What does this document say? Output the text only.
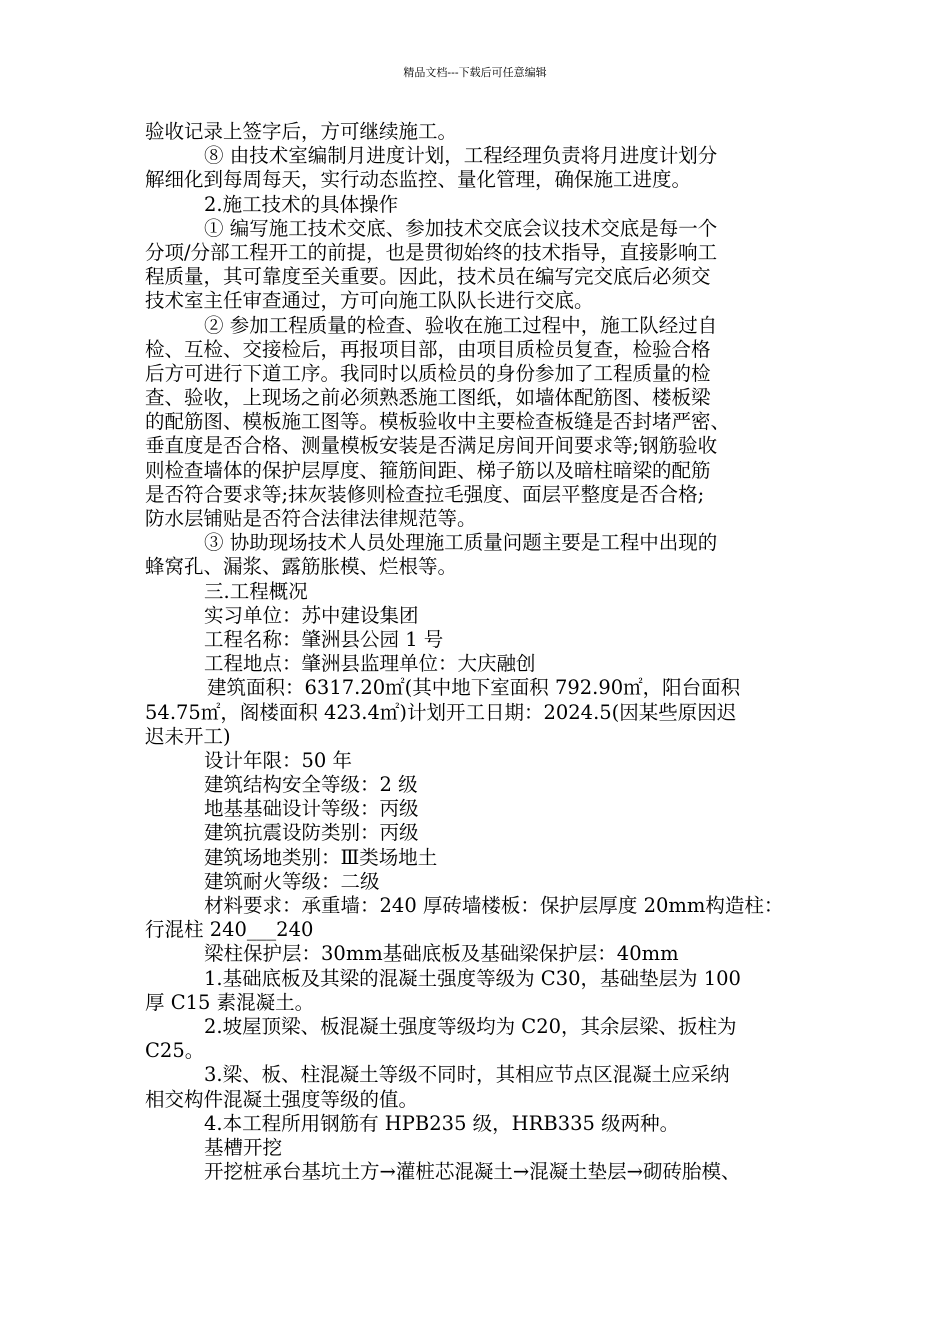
精品文档---下载后可任意编辑
验收记录上签字后，方可继续施工。
⑧ 由技术室编制月进度计划，工程经理负责将月进度计划分
解细化到每周每天，实行动态监控、量化管理，确保施工进度。
2.施工技术的具体操作
① 编写施工技术交底、参加技术交底会议技术交底是每一个
分项/分部工程开工的前提，也是贯彻始终的技术指导，直接影响工
程质量，其可靠度至关重要。因此，技术员在编写完交底后必须交
技术室主任审查通过，方可向施工队队长进行交底。
② 参加工程质量的检查、验收在施工过程中，施工队经过自
检、互检、交接检后，再报项目部，由项目质检员复查，检验合格
后方可进行下道工序。我同时以质检员的身份参加了工程质量的检
查、验收，上现场之前必须熟悉施工图纸，如墙体配筋图、楼板梁
的配筋图、模板施工图等。模板验收中主要检查板缝是否封堵严密、
垂直度是否合格、测量模板安装是否满足房间开间要求等;钢筋验收
则检查墙体的保护层厚度、箍筋间距、梯子筋以及暗柱暗梁的配筋
是否符合要求等;抹灰装修则检查拉毛强度、面层平整度是否合格;
防水层铺贴是否符合法律法律规范等。
③ 协助现场技术人员处理施工质量问题主要是工程中出现的
蜂窝孔、漏浆、露筋胀模、烂根等。
三.工程概况
实习单位：苏中建设集团
工程名称：肇洲县公园 1 号
工程地点：肇洲县监理单位：大庆融创
建筑面积：6317.20㎡(其中地下室面积 792.90㎡，阳台面积
54.75㎡，阁楼面积 423.4㎡)计划开工日期：2024.5(因某些原因迟
迟未开工)
设计年限：50 年
建筑结构安全等级：2 级
地基基础设计等级：丙级
建筑抗震设防类别：丙级
建筑场地类别：Ⅲ类场地土
建筑耐火等级：二级
材料要求：承重墙：240 厚砖墙楼板：保护层厚度 20mm构造柱：
行混柱 240___240
梁柱保护层：30mm基础底板及基础梁保护层：40mm
1.基础底板及其梁的混凝土强度等级为 C30，基础垫层为 100
厚 C15 素混凝土。
2.坡屋顶梁、板混凝土强度等级均为 C20，其余层梁、扳柱为
C25。
3.梁、板、柱混凝土等级不同时，其相应节点区混凝土应采纳
相交构件混凝土强度等级的值。
4.本工程所用钢筋有 HPB235 级，HRB335 级两种。
基槽开挖
开挖桩承台基坑土方→灌桩芯混凝土→混凝土垫层→砌砖胎模、
